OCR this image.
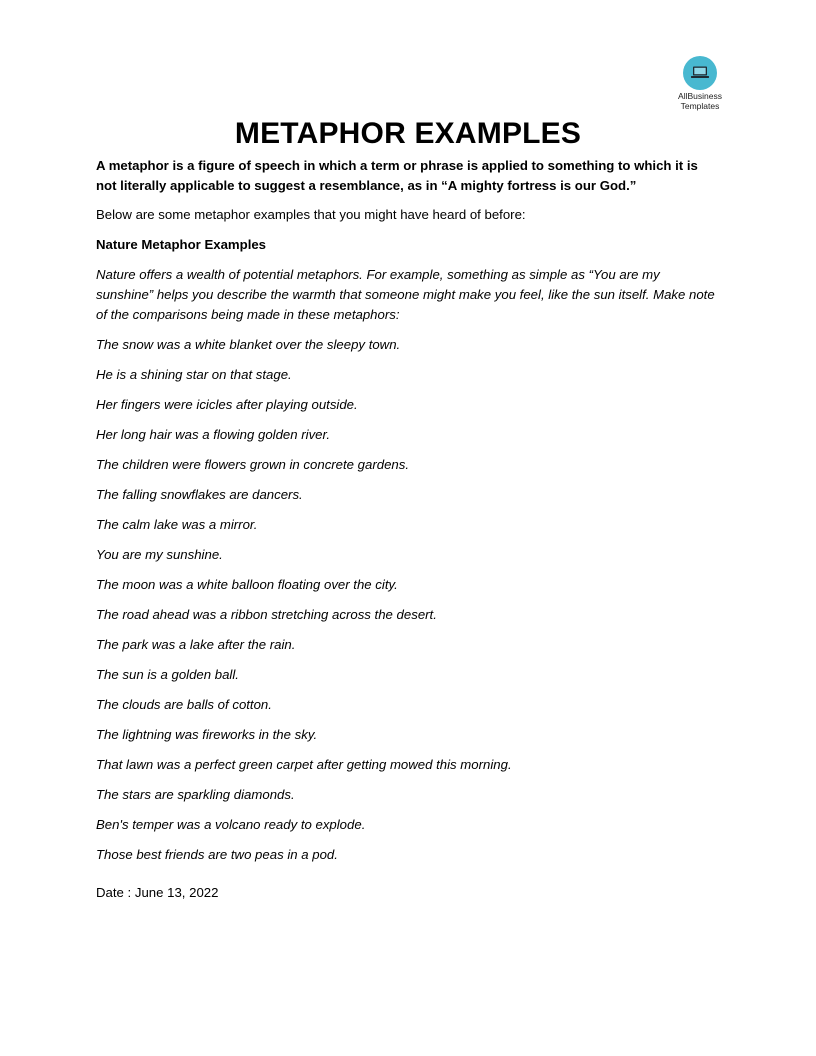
AllBusiness
Templates
METAPHOR EXAMPLES

A metaphor is a figure of speech in which a term or phrase is applied to something to which it is not literally applicable to suggest a resemblance, as in “A mighty fortress is our God.”

Below are some metaphor examples that you might have heard of before:

Nature Metaphor Examples

Nature offers a wealth of potential metaphors. For example, something as simple as “You are my sunshine” helps you describe the warmth that someone might make you feel, like the sun itself. Make note of the comparisons being made in these metaphors:

The snow was a white blanket over the sleepy town.
He is a shining star on that stage.
Her fingers were icicles after playing outside.
Her long hair was a flowing golden river.
The children were flowers grown in concrete gardens.
The falling snowflakes are dancers.
The calm lake was a mirror.
You are my sunshine.
The moon was a white balloon floating over the city.
The road ahead was a ribbon stretching across the desert.
The park was a lake after the rain.
The sun is a golden ball.
The clouds are balls of cotton.
The lightning was fireworks in the sky.
That lawn was a perfect green carpet after getting mowed this morning.
The stars are sparkling diamonds.
Ben's temper was a volcano ready to explode.
Those best friends are two peas in a pod.

Date : June 13, 2022
